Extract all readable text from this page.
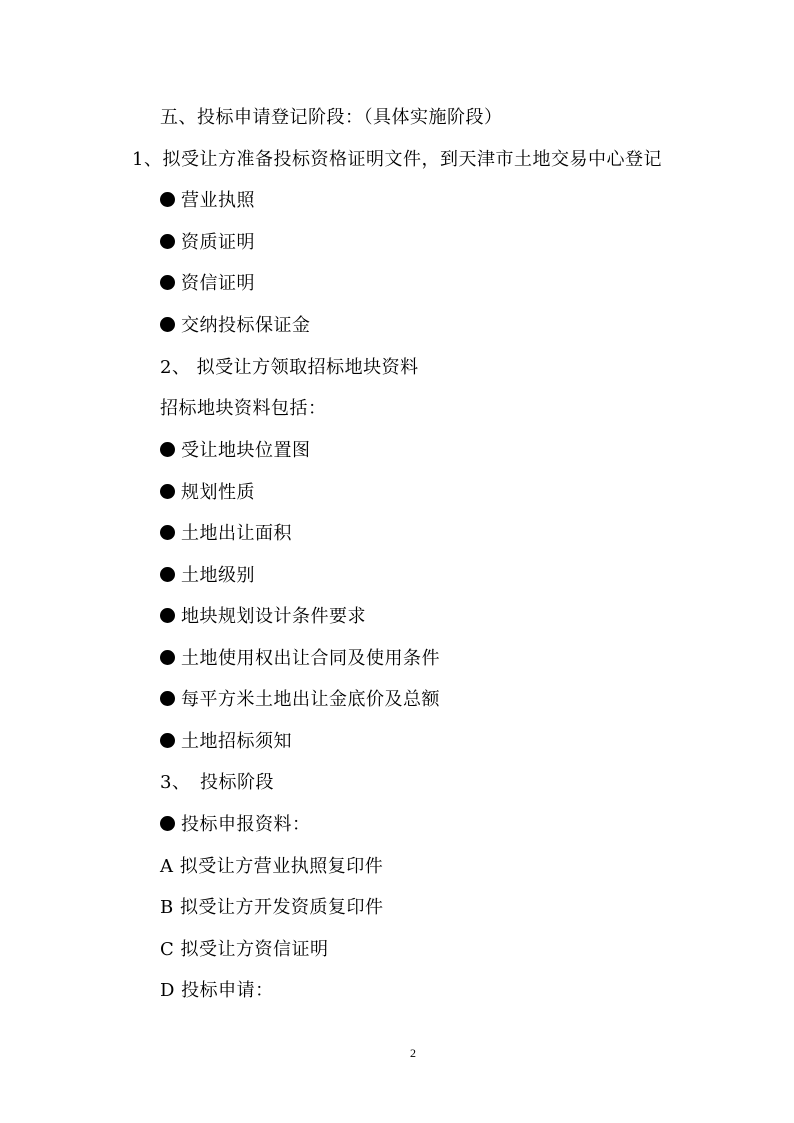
五、投标申请登记阶段：（具体实施阶段）
1、拟受让方准备投标资格证明文件，到天津市土地交易中心登记
营业执照
资质证明
资信证明
交纳投标保证金
2、 拟受让方领取招标地块资料
招标地块资料包括：
受让地块位置图
规划性质
土地出让面积
土地级别
地块规划设计条件要求
土地使用权出让合同及使用条件
每平方米土地出让金底价及总额
土地招标须知
3、　投标阶段
投标申报资料：
A 拟受让方营业执照复印件
B 拟受让方开发资质复印件
C 拟受让方资信证明
D 投标申请：
2
